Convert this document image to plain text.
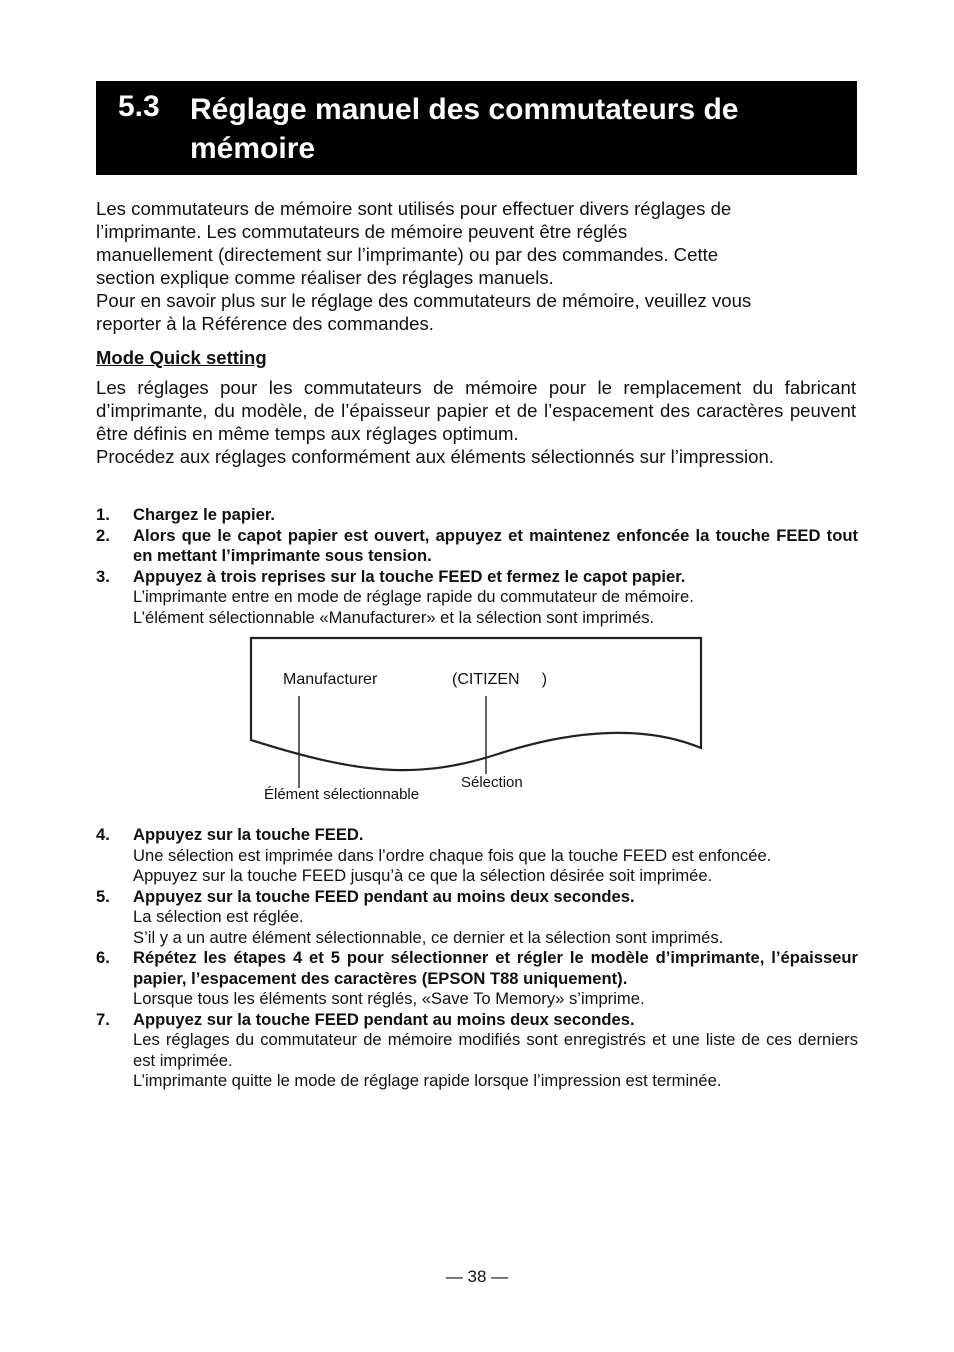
5.3 Réglage manuel des commutateurs de mémoire

Les commutateurs de mémoire sont utilisés pour effectuer divers réglages de

l’imprimante. Les commutateurs de mémoire peuvent être réglés

manuellement (directement sur l’imprimante) ou par des commandes. Cette

section explique comme réaliser des réglages manuels.

Pour en savoir plus sur le réglage des commutateurs de mémoire, veuillez vous

reporter à la Référence des commandes.

Mode Quick setting
Les réglages pour les commutateurs de mémoire pour le remplacement du fabricant d’imprimante, du modèle, de l’épaisseur papier et de l’espacement des caractères peuvent être définis en même temps aux réglages optimum.
Procédez aux réglages conformément aux éléments sélectionnés sur l’impression.
1. Chargez le papier.

2. Alors que le capot papier est ouvert, appuyez et maintenez enfoncée la touche FEED tout en mettant l’imprimante sous tension.

3. Appuyez à trois reprises sur la touche FEED et fermez le capot papier.

L’imprimante entre en mode de réglage rapide du commutateur de mémoire.

L’élément sélectionnable «Manufacturer» et la sélection sont imprimés.

Manufacturer	(CITIZEN     )
Sélection
Élément sélectionnable
4. Appuyez sur la touche FEED.

Une sélection est imprimée dans l’ordre chaque fois que la touche FEED est enfoncée.

Appuyez sur la touche FEED jusqu’à ce que la sélection désirée soit imprimée.

5. Appuyez sur la touche FEED pendant au moins deux secondes.

La sélection est réglée.

S’il y a un autre élément sélectionnable, ce dernier et la sélection sont imprimés.

6. Répétez les étapes 4 et 5 pour sélectionner et régler le modèle d’imprimante, l’épaisseur papier, l’espacement des caractères (EPSON T88 uniquement).

Lorsque tous les éléments sont réglés, «Save To Memory» s’imprime.

7. Appuyez sur la touche FEED pendant au moins deux secondes.

Les réglages du commutateur de mémoire modifiés sont enregistrés et une liste de ces derniers est imprimée.

L’imprimante quitte le mode de réglage rapide lorsque l’impression est terminée.

— 38 —
